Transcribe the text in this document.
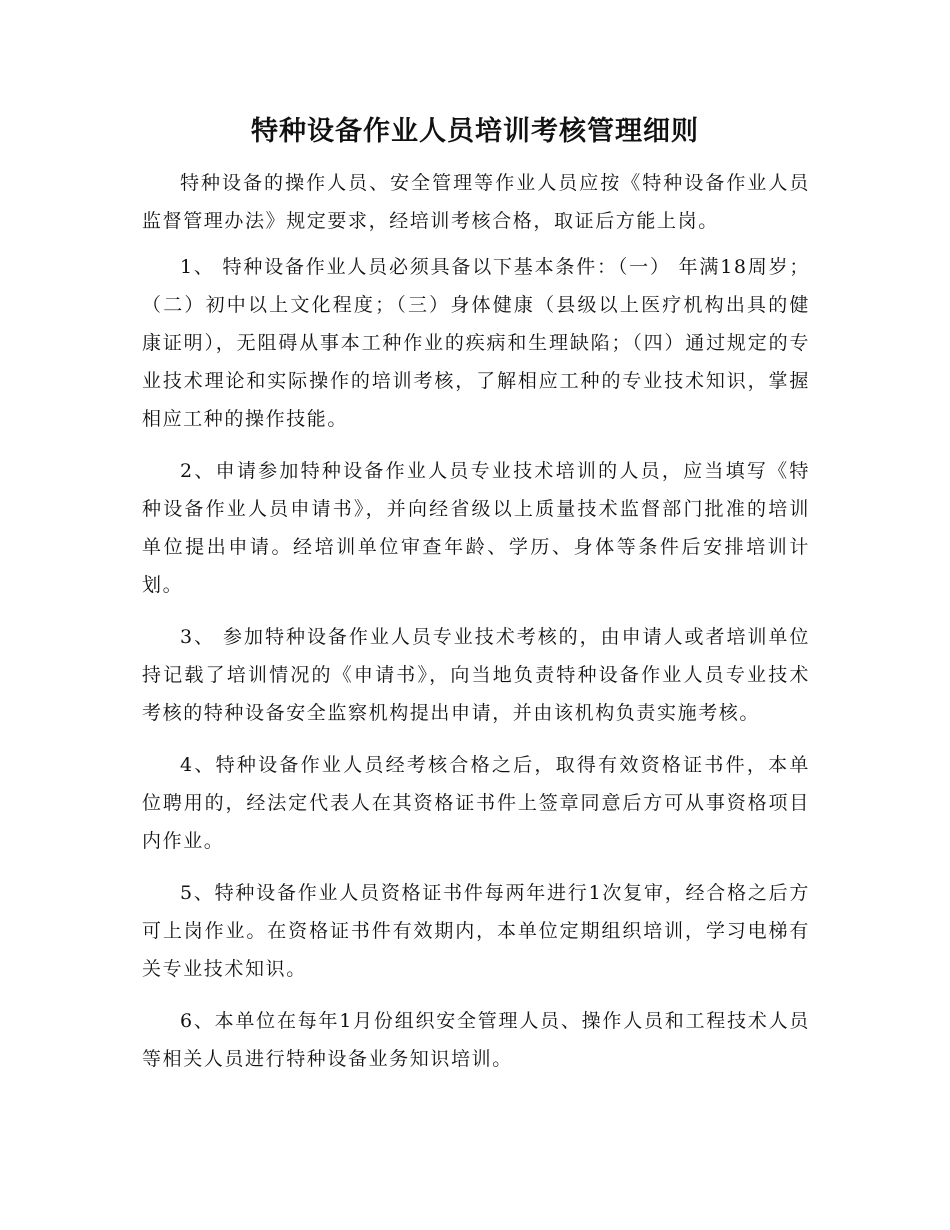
特种设备作业人员培训考核管理细则

特种设备的操作人员、安全管理等作业人员应按《特种设备作业人员监督管理办法》规定要求，经培训考核合格，取证后方能上岗。

1、 特种设备作业人员必须具备以下基本条件：（一） 年满18周岁；（二）初中以上文化程度；（三）身体健康（县级以上医疗机构出具的健康证明），无阻碍从事本工种作业的疾病和生理缺陷；（四）通过规定的专业技术理论和实际操作的培训考核，了解相应工种的专业技术知识，掌握相应工种的操作技能。

2、申请参加特种设备作业人员专业技术培训的人员，应当填写《特种设备作业人员申请书》，并向经省级以上质量技术监督部门批准的培训单位提出申请。经培训单位审查年龄、学历、身体等条件后安排培训计划。

3、 参加特种设备作业人员专业技术考核的，由申请人或者培训单位持记载了培训情况的《申请书》，向当地负责特种设备作业人员专业技术考核的特种设备安全监察机构提出申请，并由该机构负责实施考核。

4、特种设备作业人员经考核合格之后，取得有效资格证书件，本单位聘用的，经法定代表人在其资格证书件上签章同意后方可从事资格项目内作业。

5、特种设备作业人员资格证书件每两年进行1次复审，经合格之后方可上岗作业。在资格证书件有效期内，本单位定期组织培训，学习电梯有关专业技术知识。

6、本单位在每年1月份组织安全管理人员、操作人员和工程技术人员等相关人员进行特种设备业务知识培训。
